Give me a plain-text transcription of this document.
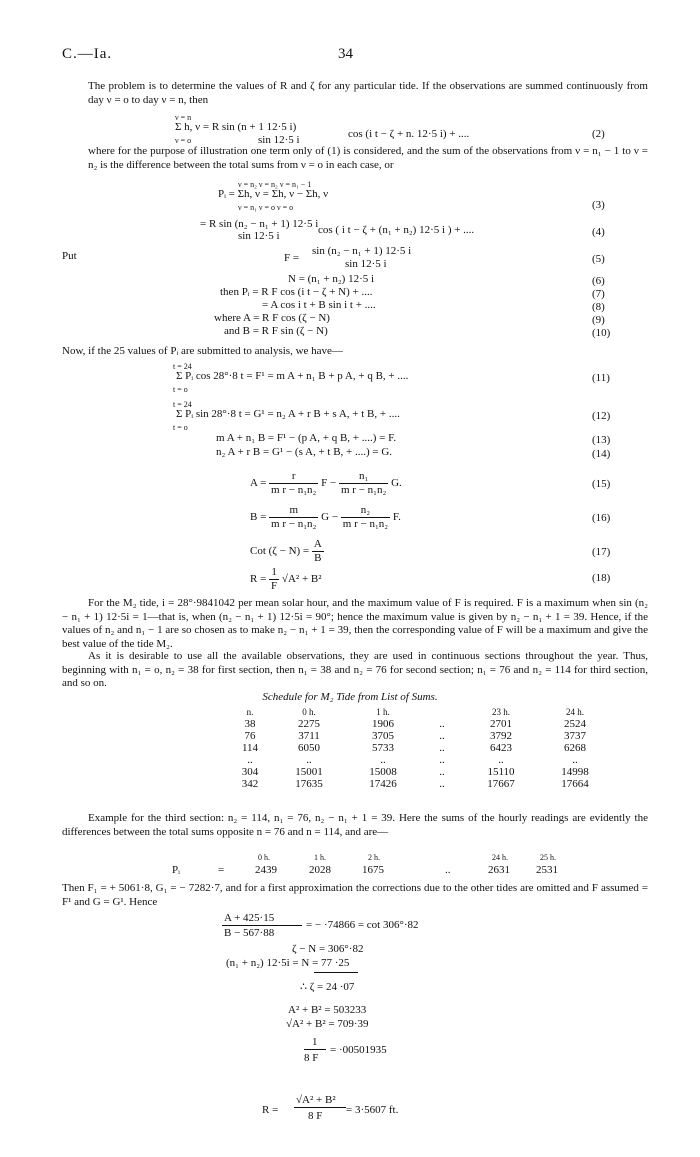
C.—Ia.	34
The problem is to determine the values of R and ζ for any particular tide. If the observations are summed continuously from day ν = o to day ν = n, then
ν = n
Σ h, ν = R sin (n + 1 12·5 i)
ν = o	sin 12·5 i	cos (i t − ζ + n. 12·5 i) + ....	(2)
where for the purpose of illustration one term only of (1) is considered, and the sum of the observations from ν = n₁ − 1 to ν = n₂ is the difference between the total sums from ν = o in each case, or
ν = n₂ ν = n₂ ν = n₁ − 1
Pᵢ = Σh, ν = Σh, ν − Σh, ν
ν = n₁ ν = o ν = o	(3)
= R sin (n₂ − n₁ + 1) 12·5 i
sin 12·5 i	cos ( i t − ζ + (n₁ + n₂) 12·5 i ) + ....	(4)
Put	F =
sin (n₂ − n₁ + 1) 12·5 i
sin 12·5 i	(5)
N = (n₁ + n₂) 12·5 i	(6)
then Pᵢ = R F cos (i t − ζ + N) + ....	(7)
= A cos i t + B sin i t + ....	(8)
where A = R F cos (ζ − N)	(9)
and B = R F sin (ζ − N)	(10)
Now, if the 25 values of Pᵢ are submitted to analysis, we have—
t = 24
Σ Pᵢ cos 28°·8 t = F¹ = m A + n₁ B + p A, + q B, + ....
t = o
(11)
t = 24
Σ Pᵢ sin 28°·8 t = G¹ = n₂ A + r B + s A, + t B, + ....
t = o
(12)
m A + n₁ B = F¹ − (p A, + q B, + ....) = F.	(13)
n₂ A + r B = G¹ − (s A, + t B, + ....) = G.	(14)
$A = \frac{r}{\text{m r − n₁n₂}}$ $F - \frac{\text{n₁}}{\text{m r − n₁n₂}} G$.	(15)
$B = \frac{m}{\text{m r − n₁n₂}}$ $G - \frac{\text{n₂}}{\text{m r − n₁n₂}} F$.	(16)
Cot $(\zeta - N) = \frac{A}{B}$	(17)
$R = \frac{1}{F} √A^2 + B^2$	(18)
For the M₂ tide, i = 28°·9841042 per mean solar hour, and the maximum value of F is required. F is a maximum when sin (n₂ − n₁ + 1) 12·5i = 1—that is, when (n₂ − n₁ + 1) 12·5i = 90°; hence the maximum value is given by n₂ − n₁ + 1 = 39. Hence, if the values of n₂ and n₁ − 1 are so chosen as to make n₂ − n₁ + 1 = 39, then the corresponding value of F will be a maximum and give the best value of the tide M₂.
As it is desirable to use all the available observations, they are used in continuous sections throughout the year. Thus, beginning with n₁ = o, n₂ = 38 for first section, then n₁ = 38 and n₂ = 76 for second section; n₁ = 76 and n₂ = 114 for third section, and so on.
Schedule for M₂ Tide from List of Sums.
n.	0 h.	1 h.		23 h.	24 h.
38	2275	1906	..	2701	2524
76	3711	3705	..	3792	3737
114	6050	5733	..	6423	6268
..	..	..	..	..	..
304	15001	15008	..	15110	14998
342	17635	17426	..	17667	17664
Example for the third section: n₂ = 114, n₁ = 76, n₂ − n₁ + 1 = 39. Here the sums of the hourly readings are evidently the differences between the total sums opposite n = 76 and n = 114, and are—
0 h.	1 h.	2 h.	24 h.	25 h.
Pᵢ	=	2439	2028	1675	..	2631 2531
Then F₁ = + 5061·8, G₁ = − 7282·7, and for a first approximation the corrections due to the other tides are omitted and F assumed = F¹ and G = G¹. Hence
A + 425·15
B − 567·88
= − ·74866 = cot 306°·82
ζ − N = 306°·82
(n₁ + n₂) 12·5i = N = 77 ·25
∴ ζ = 24 ·07
A² + B² = 503233
√A² + B² = 709·39
1
8 F
= ·00501935
R =
√A² + B²
8 F = 3·5607 ft.
